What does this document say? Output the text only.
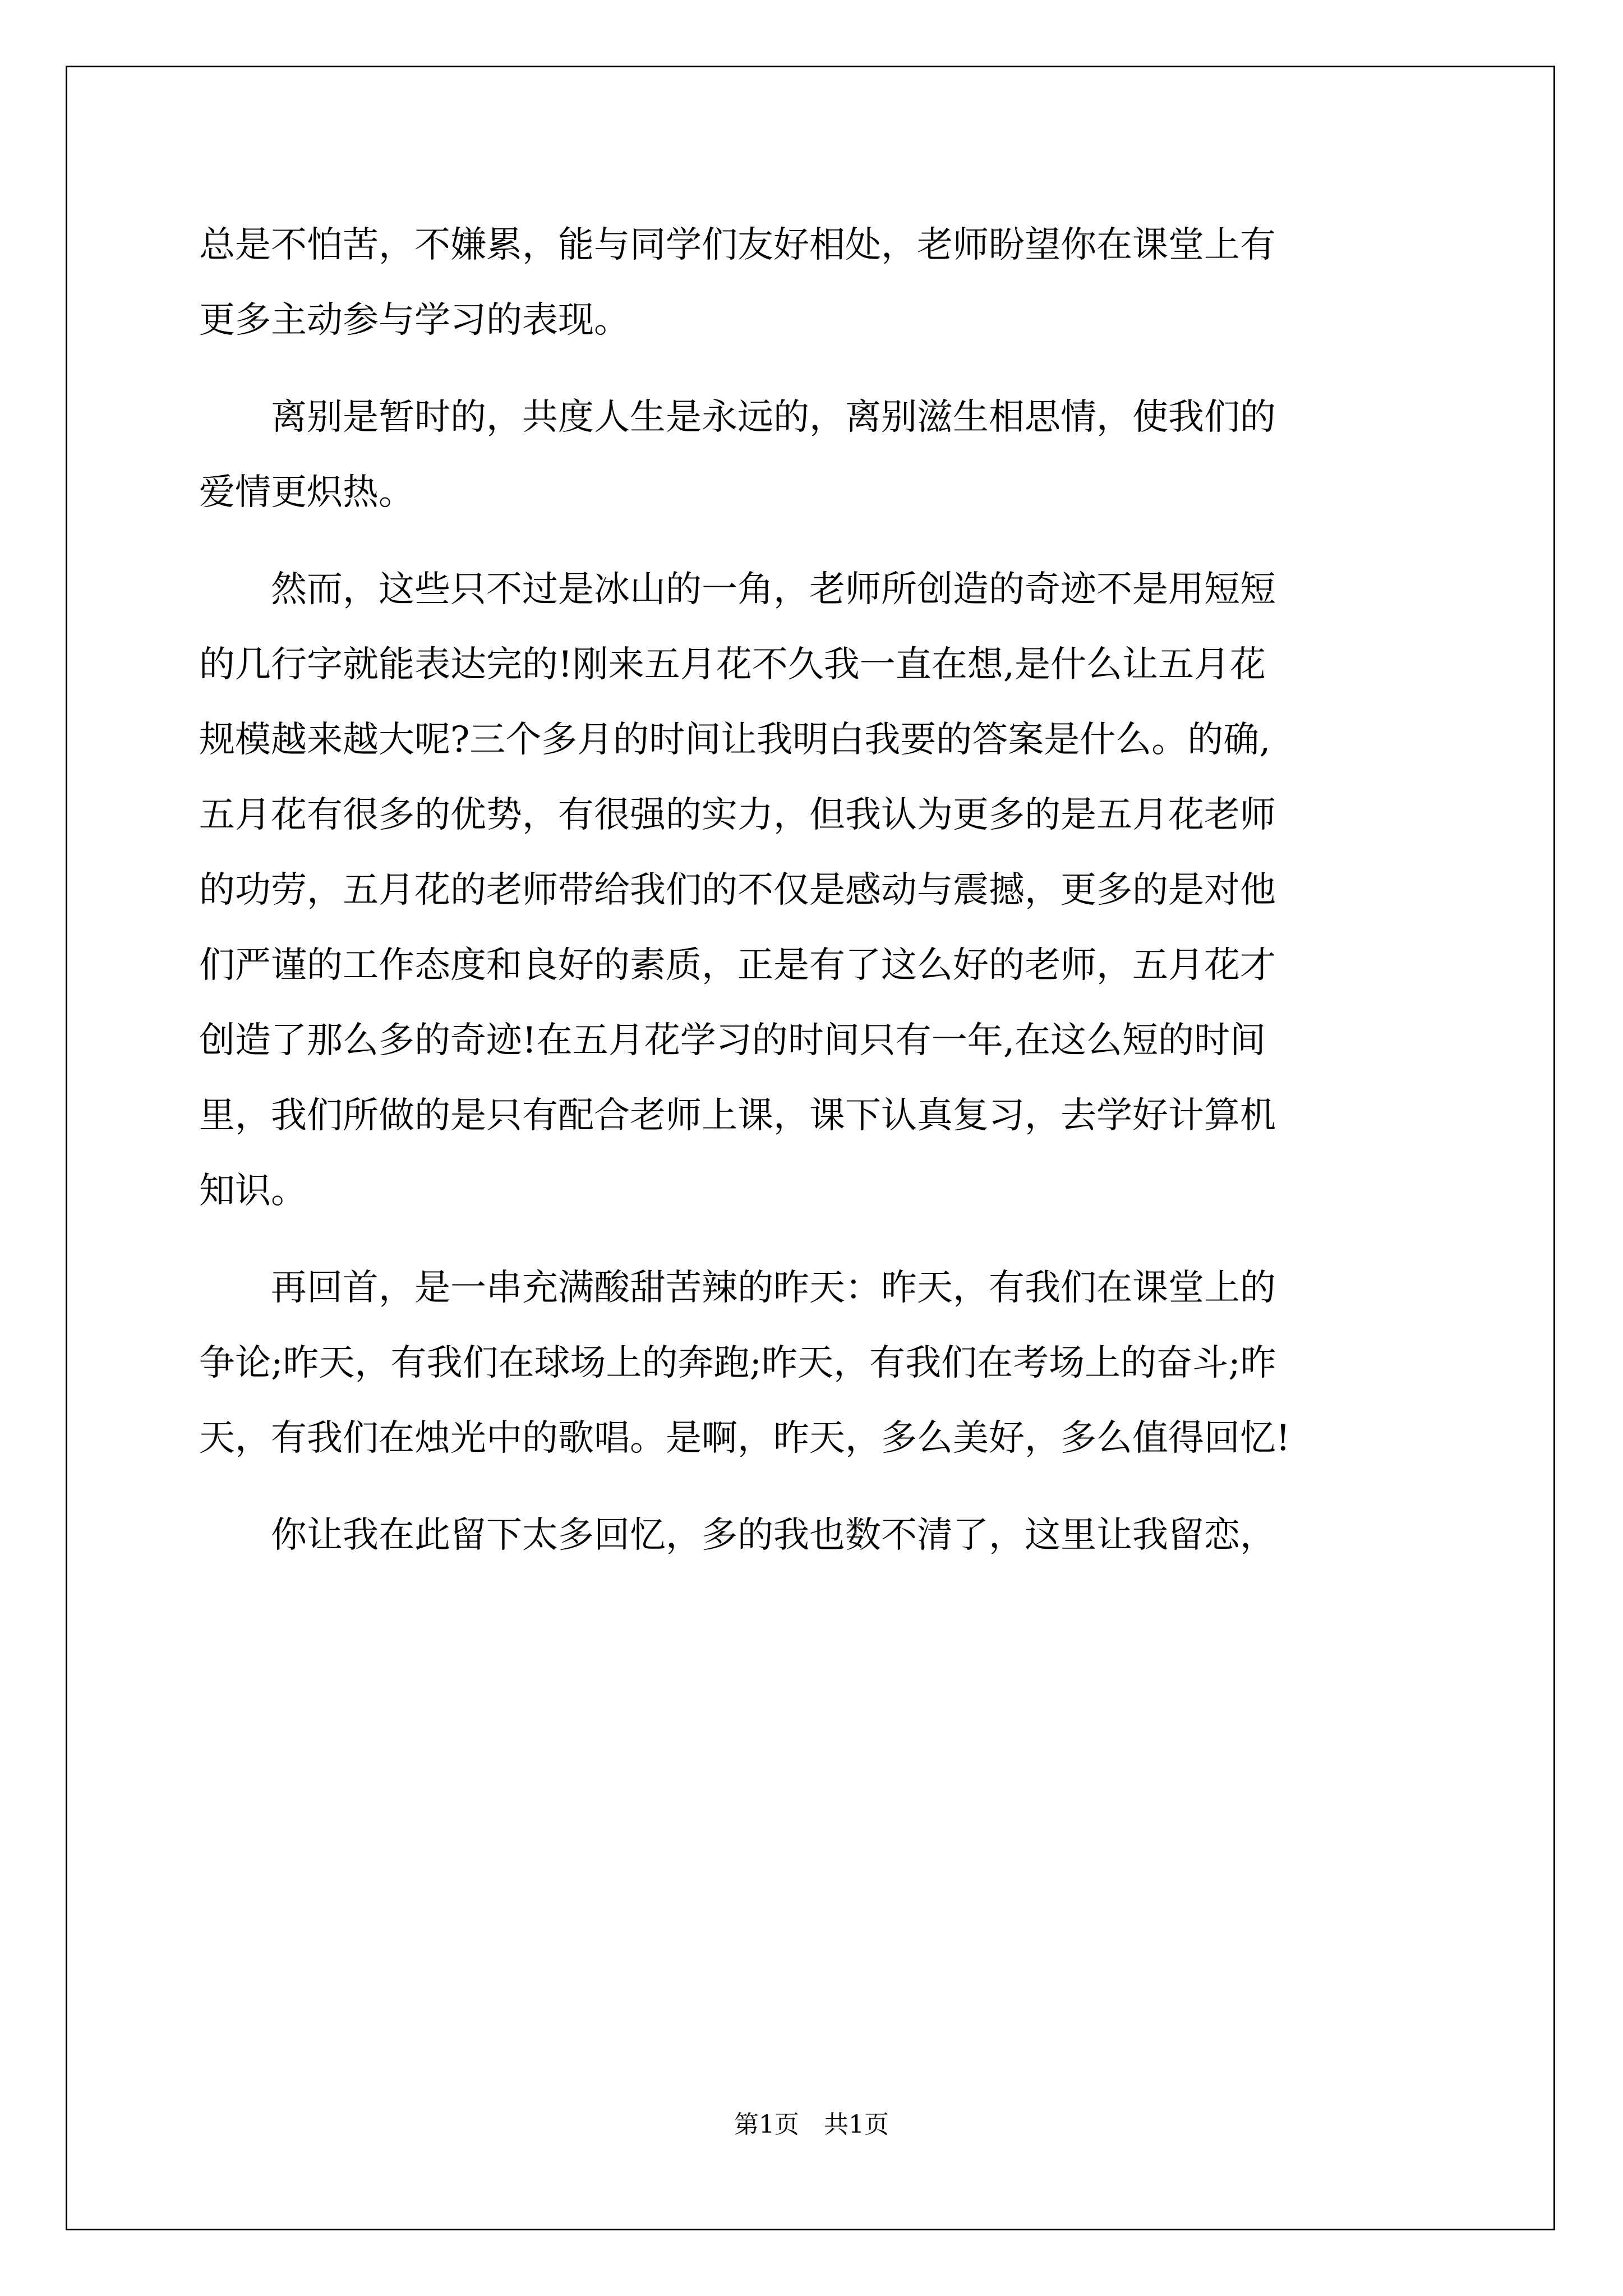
总是不怕苦，不嫌累，能与同学们友好相处，老师盼望你在课堂上有
更多主动参与学习的表现。
　　离别是暂时的，共度人生是永远的，离别滋生相思情，使我们的
爱情更炽热。
　　然而，这些只不过是冰山的一角，老师所创造的奇迹不是用短短
的几行字就能表达完的!刚来五月花不久我一直在想,是什么让五月花
规模越来越大呢?三个多月的时间让我明白我要的答案是什么。的确,
五月花有很多的优势，有很强的实力，但我认为更多的是五月花老师
的功劳，五月花的老师带给我们的不仅是感动与震撼，更多的是对他
们严谨的工作态度和良好的素质，正是有了这么好的老师，五月花才
创造了那么多的奇迹!在五月花学习的时间只有一年,在这么短的时间
里，我们所做的是只有配合老师上课，课下认真复习，去学好计算机
知识。
　　再回首，是一串充满酸甜苦辣的昨天：昨天，有我们在课堂上的
争论;昨天，有我们在球场上的奔跑;昨天，有我们在考场上的奋斗;昨
天，有我们在烛光中的歌唱。是啊，昨天，多么美好，多么值得回忆!
　　你让我在此留下太多回忆，多的我也数不清了，这里让我留恋，
第1页　共1页
